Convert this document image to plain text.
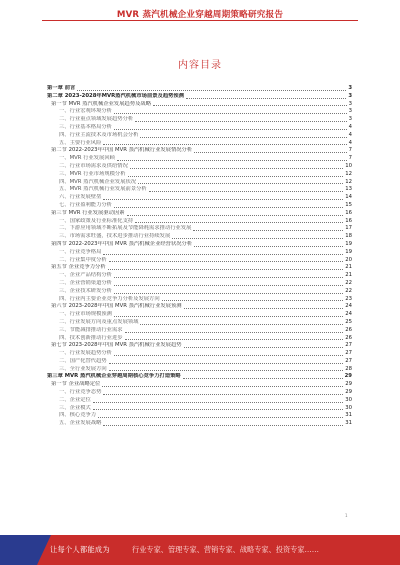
MVR 蒸汽机械企业穿越周期策略研究报告
内容目录
第一章 前言	3
第二章 2023-2028年MVR蒸汽机械市场前景及趋势预测	3
第一节 MVR 蒸汽机械企业发展趋势及战略	3
一、行业宏观环境分析	3
二、行业重点领域发展趋势分析	3
三、行业基本格局分析	4
四、行业主流技术及市场机会分析	4
五、主要行业风险	4
第二节 2022-2023年中国 MVR 蒸汽机械行业发展情况分析	7
一、MVR 行业发展回顾	7
二、行业市场需求及供给情况	10
三、MVR 行业市场规模分析	12
四、MVR 蒸汽机械企业发展状况	12
五、MVR 蒸汽机械行业发展前景分析	13
六、行业发展壁垒	14
七、行业盈利能力分析	15
第三节 MVR 行业发展驱动因素	16
一、国家政策及行业标准化支持	16
二、下游应用领域不断拓展及节能降耗需求推动行业发展	17
三、市场需求旺盛，技术进步推动行业持续发展	18
第四节 2022-2023年中国 MVR 蒸汽机械企业经营状况分析	19
一、行业竞争格局	19
二、行业集中度分析	20
第五节 企业竞争力分析	21
一、企业产品结构分析	21
二、企业营销渠道分析	22
三、企业技术研发分析	22
四、行业内主要企业竞争力分析及发展方向	23
第六节 2023-2028年中国 MVR 蒸汽机械行业发展预测	24
一、行业市场规模预测	24
二、行业发展方向及重点发展领域	25
三、节能减排推动行业需求	26
四、技术创新推动行业进步	26
第七节 2023-2028年中国 MVR 蒸汽机械行业发展趋势	27
一、行业发展趋势分析	27
二、国产化替代趋势	27
三、全行业发展方向	28
第三章 MVR 蒸汽机械企业穿越周期核心竞争力打造策略	29
第一节 企业战略定位	29
一、行业竞争态势	29
二、企业定位	30
三、企业模式	30
四、核心竞争力	31
五、企业发展战略	31
1
让每个人都能成为	行业专家、管理专家、营销专家、战略专家、投资专家……
